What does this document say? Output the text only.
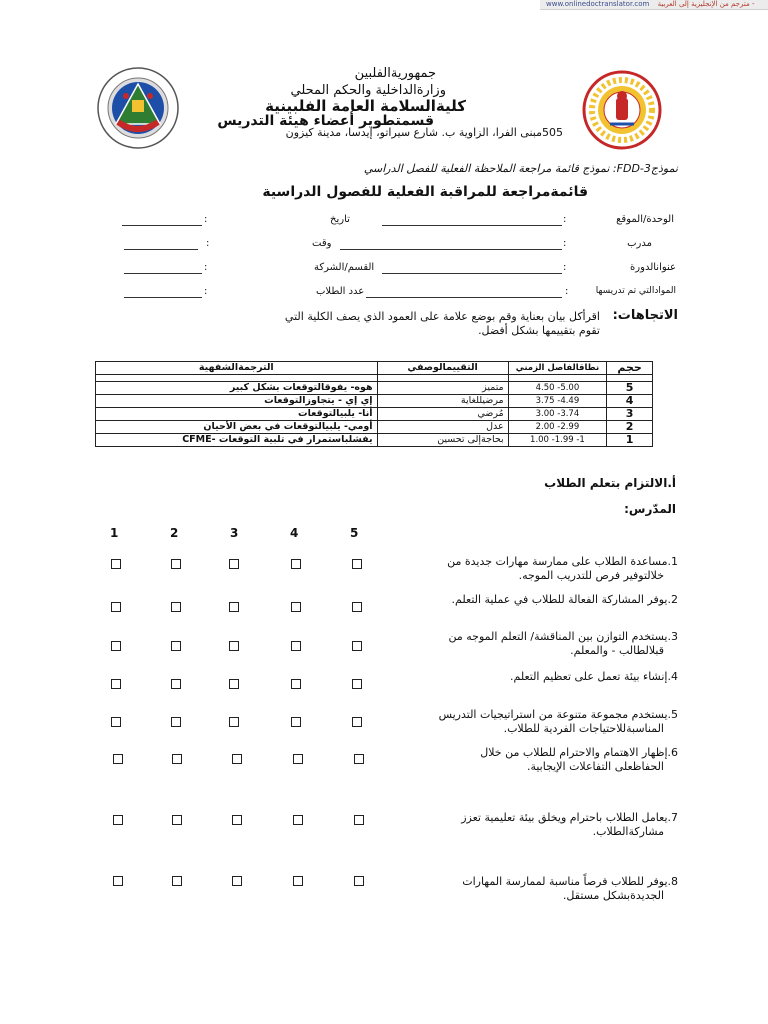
www.onlinedoctranslator.com مترجم من الإنجليزية إلى العربية -
جمهوريةالفلبين
وزارةالداخلية والحكم المحلي
كليةالسلامة العامة الفلبينية
قسمتطوير أعضاء هيئة التدريس
505مبنى الفرا، الزاوية ب. شارع سيراتو، إيدسا، مدينة كيزون
نموذجFDD-3: نموذج قائمة مراجعة الملاحظة الفعلية للفصل الدراسي
قائمةمراجعة للمراقبة الفعلية للفصول الدراسية
الوحدة/الموقع
:
تاريخ
:
مدرب
:
وقت
:
عنوانالدورة
:
القسم/الشركة
:
الموادالتي تم تدريسها
:
عدد الطلاب
:
الاتجاهات:
اقرأكل بيان بعناية وقم بوضع علامة على العمود الذي يصف الكلية التي تقوم بتقييمها بشكل أفضل.
الترجمةالشفهية	التقييمالوصفي	نطاقالفاصل الزمني	حجم

هوه- يفوقالتوقعات بشكل كبير	متميز	4.50 -5.00	5
إي إي - يتجاوزالتوقعات	مرضيللغاية	3.75 -4.49	4
أنا- يلبيالتوقعات	مُرضي	3.00 -3.74	3
أومي- يلبيالتوقعات في بعض الأحيان	عدل	2.00 -2.99	2
يفشلباستمرار في تلبية التوقعات -CFME	بحاجةإلى تحسين	1.00 -1.99 -1	1
أ.الالتزام بتعلم الطلاب
المدّرس:
1	2	3	4	5
1.مساعدة الطلاب على ممارسة مهارات جديدة من
خلالتوفير فرص للتدريب الموجه.
2.يوفر المشاركة الفعالة للطلاب في عملية التعلم.
3.يستخدم التوازن بين المناقشة/ التعلم الموجه من
قبلالطالب - والمعلم.
4.إنشاء بيئة تعمل على تعظيم التعلم.
5.يستخدم مجموعة متنوعة من استراتيجيات التدريس
المناسبةللاحتياجات الفردية للطلاب.
6.إظهار الاهتمام والاحترام للطلاب من خلال
الحفاظعلى التفاعلات الإيجابية.
7.يعامل الطلاب باحترام ويخلق بيئة تعليمية تعزز
مشاركةالطلاب.
8.يوفر للطلاب فرصاً مناسبة لممارسة المهارات
الجديدةبشكل مستقل.
